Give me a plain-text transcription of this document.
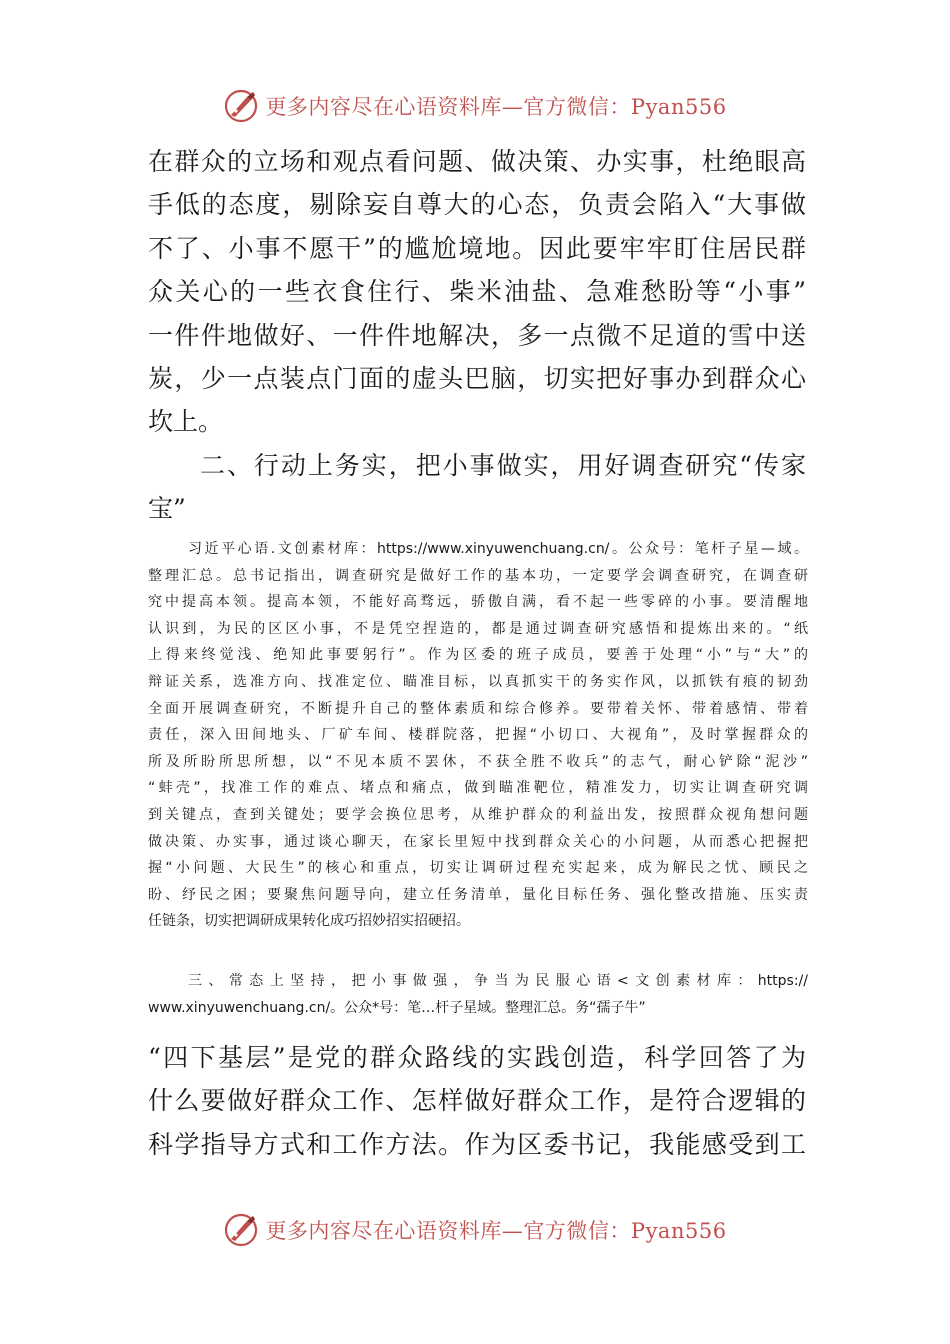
更多内容尽在心语资料库—官方微信：Pyan556
在群众的立场和观点看问题、做决策、办实事，杜绝眼高
手低的态度，剔除妄自尊大的心态，负责会陷入“大事做
不了、小事不愿干”的尴尬境地。因此要牢牢盯住居民群
众关心的一些衣食住行、柴米油盐、急难愁盼等“小事”
一件件地做好、一件件地解决，多一点微不足道的雪中送
炭，少一点装点门面的虚头巴脑，切实把好事办到群众心
坎上。
二、行动上务实，把小事做实，用好调查研究“传家
宝”
习近平心语.文创素材库：https://www.xinyuwenchuang.cn/。公众号：笔杆子星—域。
整理汇总。总书记指出，调查研究是做好工作的基本功，一定要学会调查研究，在调查研
究中提高本领。提高本领，不能好高骛远，骄傲自满，看不起一些零碎的小事。要清醒地
认识到，为民的区区小事，不是凭空捏造的，都是通过调查研究感悟和提炼出来的。“纸
上得来终觉浅、绝知此事要躬行”。作为区委的班子成员，要善于处理“小”与“大”的
辩证关系，选准方向、找准定位、瞄准目标，以真抓实干的务实作风，以抓铁有痕的韧劲
全面开展调查研究，不断提升自己的整体素质和综合修养。要带着关怀、带着感情、带着
责任，深入田间地头、厂矿车间、楼群院落，把握“小切口、大视角”，及时掌握群众的
所及所盼所思所想，以“不见本质不罢休，不获全胜不收兵”的志气，耐心铲除“泥沙”
“蚌壳”，找准工作的难点、堵点和痛点，做到瞄准靶位，精准发力，切实让调查研究调
到关键点，查到关键处；要学会换位思考，从维护群众的利益出发，按照群众视角想问题
做决策、办实事，通过谈心聊天，在家长里短中找到群众关心的小问题，从而悉心把握把
握“小问题、大民生”的核心和重点，切实让调研过程充实起来，成为解民之忧、顾民之
盼、纾民之困；要聚焦问题导向，建立任务清单，量化目标任务、强化整改措施、压实责
任链条，切实把调研成果转化成巧招妙招实招硬招。
三、常态上坚持，把小事做强，争当为民服心语<文创素材库：https://
www.xinyuwenchuang.cn/。公众*号：笔…杆子星域。整理汇总。务“孺子牛”
“四下基层”是党的群众路线的实践创造，科学回答了为
什么要做好群众工作、怎样做好群众工作，是符合逻辑的
科学指导方式和工作方法。作为区委书记，我能感受到工
更多内容尽在心语资料库—官方微信：Pyan556
